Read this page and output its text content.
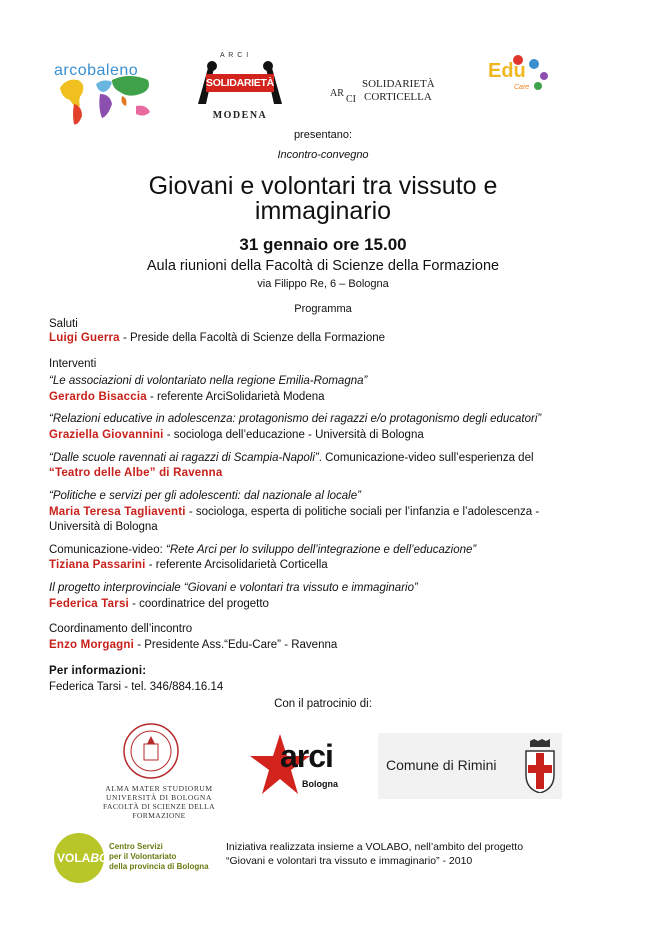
arcobaleno
A R C I
SOLIDARIETÀ
MODENA
AR
CI
SOLIDARIETÀ
CORTICELLA
Edu
Care
presentano:
Incontro-convegno
Giovani e volontari tra vissuto e
immaginario
31 gennaio ore 15.00
Aula riunioni della Facoltà di Scienze della Formazione
via Filippo Re, 6 – Bologna
Programma
Saluti
Luigi Guerra - Preside della Facoltà di Scienze della Formazione
Interventi
“Le associazioni di volontariato nella regione Emilia-Romagna”
Gerardo Bisaccia - referente ArciSolidarietà Modena
“Relazioni educative in adolescenza: protagonismo dei ragazzi e/o protagonismo degli educatori”
Graziella Giovannini - sociologa dell’educazione - Università di Bologna
“Dalle scuole ravennati ai ragazzi di Scampia-Napoli”. Comunicazione-video sull’esperienza del
“Teatro delle Albe” di Ravenna
“Politiche e servizi per gli adolescenti: dal nazionale al locale”
Maria Teresa Tagliaventi - sociologa, esperta di politiche sociali per l’infanzia e l’adolescenza -
Università di Bologna
Comunicazione-video: “Rete Arci per lo sviluppo dell’integrazione e dell’educazione”
Tiziana Passarini - referente Arcisolidarietà Corticella
Il progetto interprovinciale “Giovani e volontari tra vissuto e immaginario”
Federica Tarsi - coordinatrice del progetto
Coordinamento dell’incontro
Enzo Morgagni - Presidente Ass.“Edu-Care” - Ravenna
Per informazioni:
Federica Tarsi - tel. 346/884.16.14
Con il patrocinio di:
ALMA MATER STUDIORUM
UNIVERSITÀ DI BOLOGNA
FACOLTÀ DI SCIENZE DELLA FORMAZIONE
arci
Bologna
Comune di Rimini
VOLABO
Centro Servizi
per il Volontariato
della provincia di Bologna
Iniziativa realizzata insieme a VOLABO, nell’ambito del progetto
“Giovani e volontari tra vissuto e immaginario” - 2010
